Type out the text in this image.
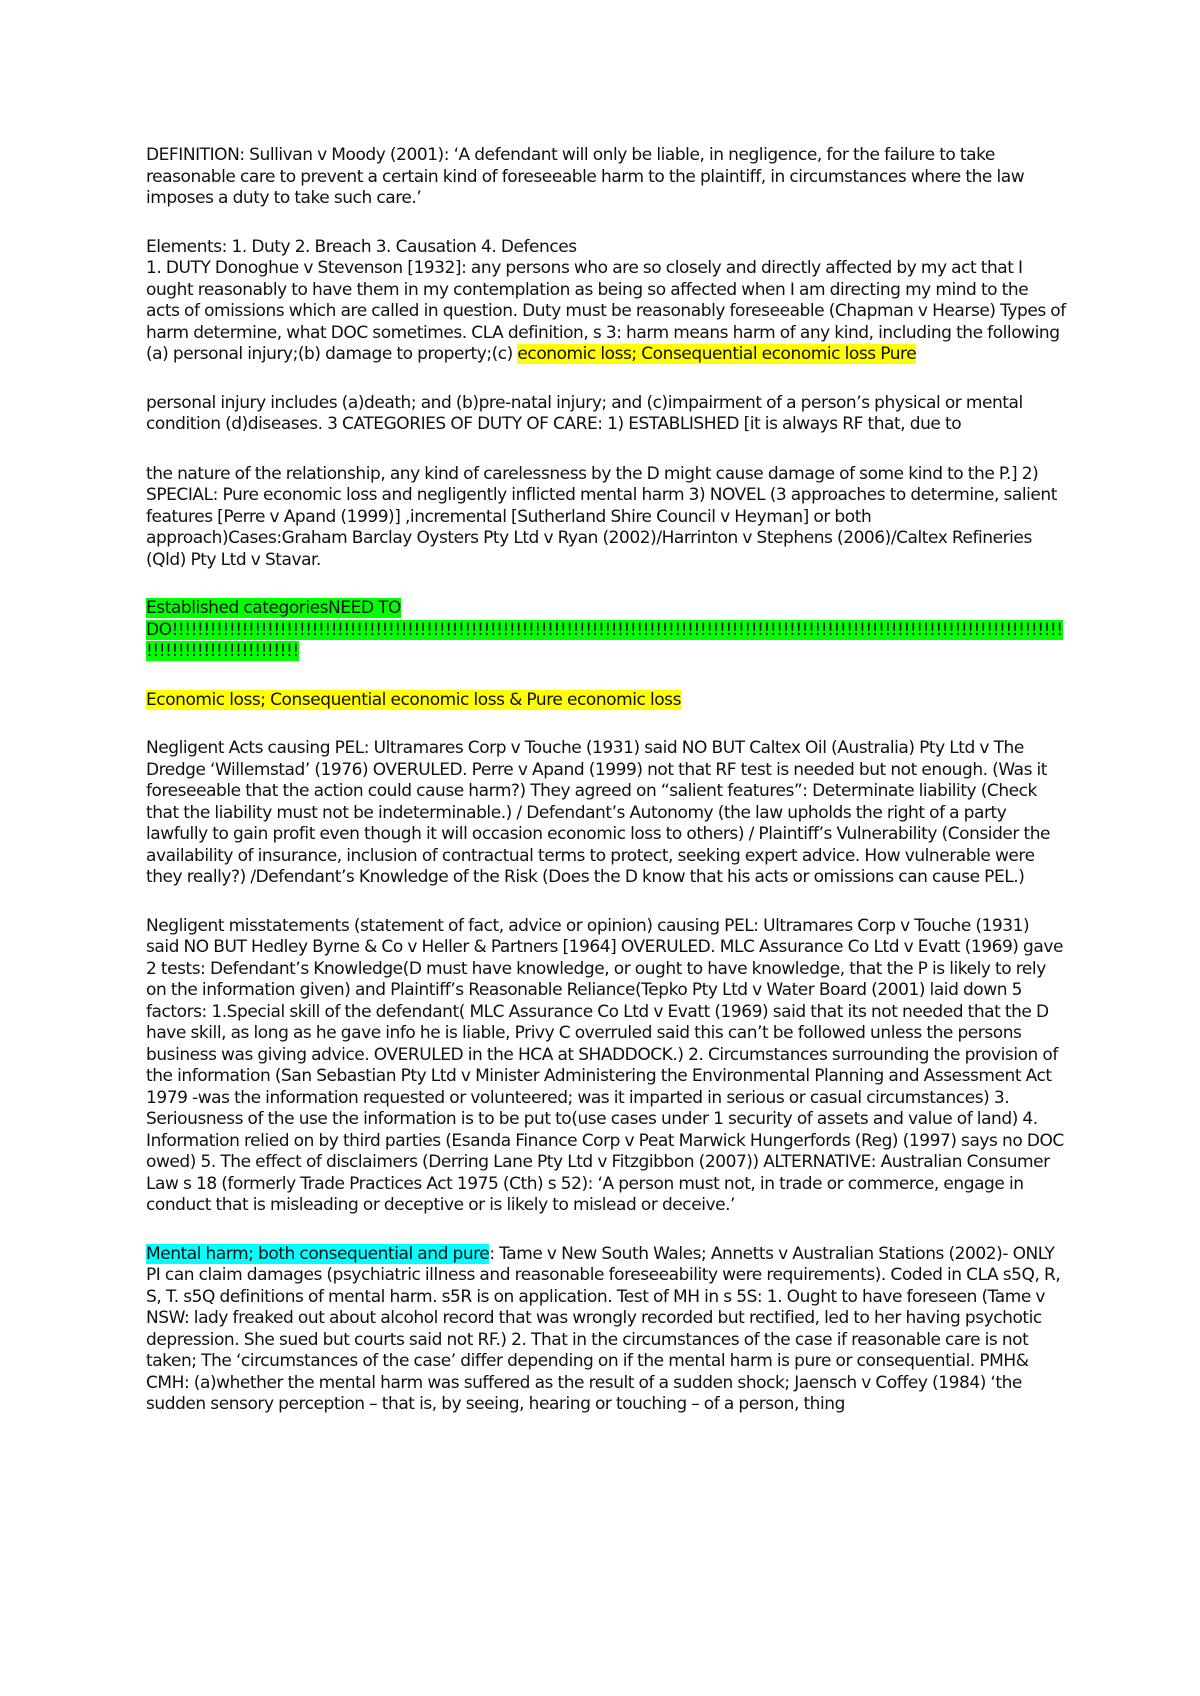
DEFINITION: Sullivan v Moody (2001): ‘A defendant will only be liable, in negligence, for the failure to take reasonable care to prevent a certain kind of foreseeable harm to the plaintiff, in circumstances where the law imposes a duty to take such care.’

Elements: 1. Duty 2. Breach 3. Causation 4. Defences

1. DUTY Donoghue v Stevenson [1932]: any persons who are so closely and directly affected by my act that I ought reasonably to have them in my contemplation as being so affected when I am directing my mind to the acts of omissions which are called in question. Duty must be reasonably foreseeable (Chapman v Hearse) Types of harm determine, what DOC sometimes. CLA definition, s 3: harm means harm of any kind, including the following (a) personal injury;(b) damage to property;(c) economic loss; Consequential economic loss Pure

personal injury includes (a)death; and (b)pre-natal injury; and (c)impairment of a person’s physical or mental condition (d)diseases. 3 CATEGORIES OF DUTY OF CARE: 1) ESTABLISHED [it is always RF that, due to

the nature of the relationship, any kind of carelessness by the D might cause damage of some kind to the P.] 2) SPECIAL: Pure economic loss and negligently inflicted mental harm 3) NOVEL (3 approaches to determine, salient features [Perre v Apand (1999)] ,incremental [Sutherland Shire Council v Heyman] or both approach)Cases:Graham Barclay Oysters Pty Ltd v Ryan (2002)/Harrinton v Stephens (2006)/Caltex Refineries (Qld) Pty Ltd v Stavar.

Established categoriesNEED TO
DO!!!!!!!!!!!!!!!!!!!!!!!!!!!!!!!!!!!!!!!!!!!!!!!!!!!!!!!!!!!!!!!!!!!!!!!!!!!!!!!!!!!!!!!!!!!!!!!!!!!!!!!!!!!!!!!!!!!!!!!!!!!!!!!!!!!!!!!!!!!!!!!!!!!!!!!!!!!!!!!!!!!!

Economic loss; Consequential economic loss & Pure economic loss

Negligent Acts causing PEL: Ultramares Corp v Touche (1931) said NO BUT Caltex Oil (Australia) Pty Ltd v The Dredge ‘Willemstad’ (1976) OVERULED. Perre v Apand (1999) not that RF test is needed but not enough. (Was it foreseeable that the action could cause harm?) They agreed on “salient features”: Determinate liability (Check that the liability must not be indeterminable.) / Defendant’s Autonomy (the law upholds the right of a party lawfully to gain profit even though it will occasion economic loss to others) / Plaintiff’s Vulnerability (Consider the availability of insurance, inclusion of contractual terms to protect, seeking expert advice. How vulnerable were they really?) /Defendant’s Knowledge of the Risk (Does the D know that his acts or omissions can cause PEL.)

Negligent misstatements (statement of fact, advice or opinion) causing PEL: Ultramares Corp v Touche (1931) said NO BUT Hedley Byrne & Co v Heller & Partners [1964] OVERULED. MLC Assurance Co Ltd v Evatt (1969) gave 2 tests: Defendant’s Knowledge(D must have knowledge, or ought to have knowledge, that the P is likely to rely on the information given) and Plaintiff’s Reasonable Reliance(Tepko Pty Ltd v Water Board (2001) laid down 5 factors: 1.Special skill of the defendant( MLC Assurance Co Ltd v Evatt (1969) said that its not needed that the D have skill, as long as he gave info he is liable, Privy C overruled said this can’t be followed unless the persons business was giving advice. OVERULED in the HCA at SHADDOCK.) 2. Circumstances surrounding the provision of the information (San Sebastian Pty Ltd v Minister Administering the Environmental Planning and Assessment Act 1979 -was the information requested or volunteered; was it imparted in serious or casual circumstances) 3. Seriousness of the use the information is to be put to(use cases under 1 security of assets and value of land) 4. Information relied on by third parties (Esanda Finance Corp v Peat Marwick Hungerfords (Reg) (1997) says no DOC owed) 5. The effect of disclaimers (Derring Lane Pty Ltd v Fitzgibbon (2007)) ALTERNATIVE: Australian Consumer Law s 18 (formerly Trade Practices Act 1975 (Cth) s 52): ‘A person must not, in trade or commerce, engage in conduct that is misleading or deceptive or is likely to mislead or deceive.’

Mental harm; both consequential and pure: Tame v New South Wales; Annetts v Australian Stations (2002)- ONLY PI can claim damages (psychiatric illness and reasonable foreseeability were requirements). Coded in CLA s5Q, R, S, T. s5Q definitions of mental harm. s5R is on application. Test of MH in s 5S: 1. Ought to have foreseen (Tame v NSW: lady freaked out about alcohol record that was wrongly recorded but rectified, led to her having psychotic depression. She sued but courts said not RF.) 2. That in the circumstances of the case if reasonable care is not taken; The ‘circumstances of the case’ differ depending on if the mental harm is pure or consequential. PMH& CMH: (a)whether the mental harm was suffered as the result of a sudden shock; Jaensch v Coffey (1984) ‘the sudden sensory perception – that is, by seeing, hearing or touching – of a person, thing
